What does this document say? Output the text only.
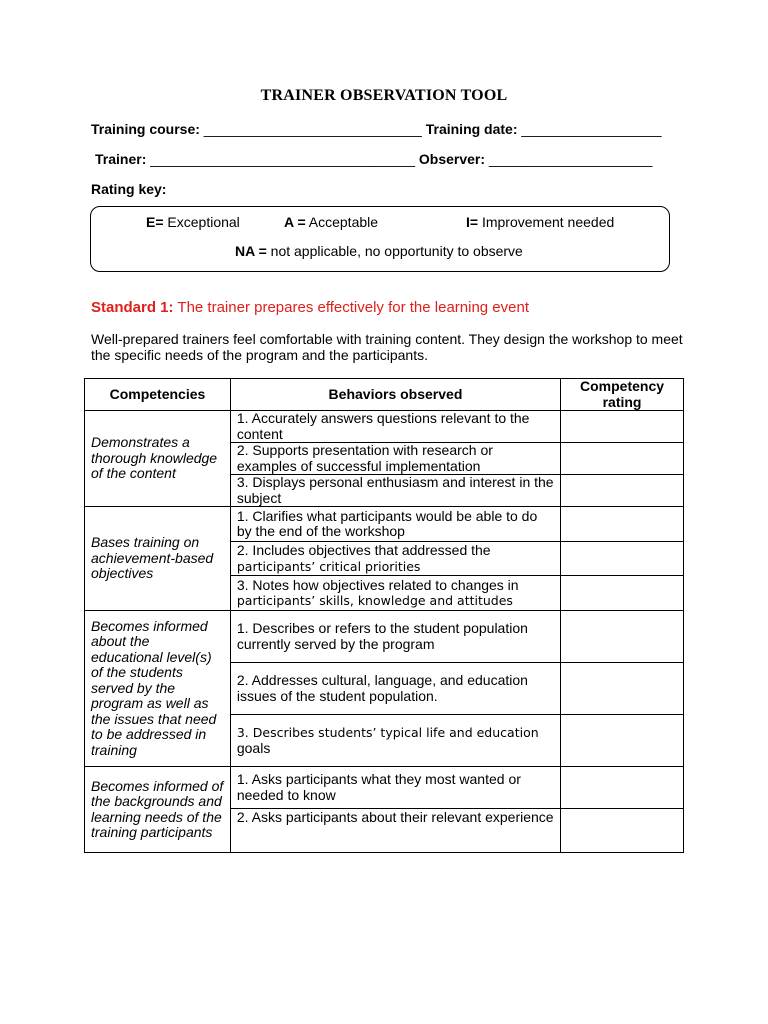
TRAINER OBSERVATION TOOL
Training course: ____________________________ Training date: __________________
Trainer: __________________________________ Observer: _____________________
Rating key:
E= Exceptional	A = Acceptable	I= Improvement needed
NA = not applicable, no opportunity to observe
Standard 1: The trainer prepares effectively for the learning event
Well-prepared trainers feel comfortable with training content. They design the workshop to meet the specific needs of the program and the participants.
Competencies	Behaviors observed	Competency rating
Demonstrates a thorough knowledge of the content	1. Accurately answers questions relevant to the content	
	2. Supports presentation with research or examples of successful implementation	
	3. Displays personal enthusiasm and interest in the subject	
Bases training on achievement-based objectives	1. Clarifies what participants would be able to do by the end of the workshop	
	2. Includes objectives that addressed the
participants’ critical priorities	
	3. Notes how objectives related to changes in
participants’ skills, knowledge and attitudes	
Becomes informed about the educational level(s) of the students served by the program as well as the issues that need to be addressed in training	1. Describes or refers to the student population currently served by the program	
	2. Addresses cultural, language, and education issues of the student population.	
	3. Describes students’ typical life and education
goals	
Becomes informed of the backgrounds and learning needs of the training participants	1. Asks participants what they most wanted or needed to know	
	2. Asks participants about their relevant experience	
